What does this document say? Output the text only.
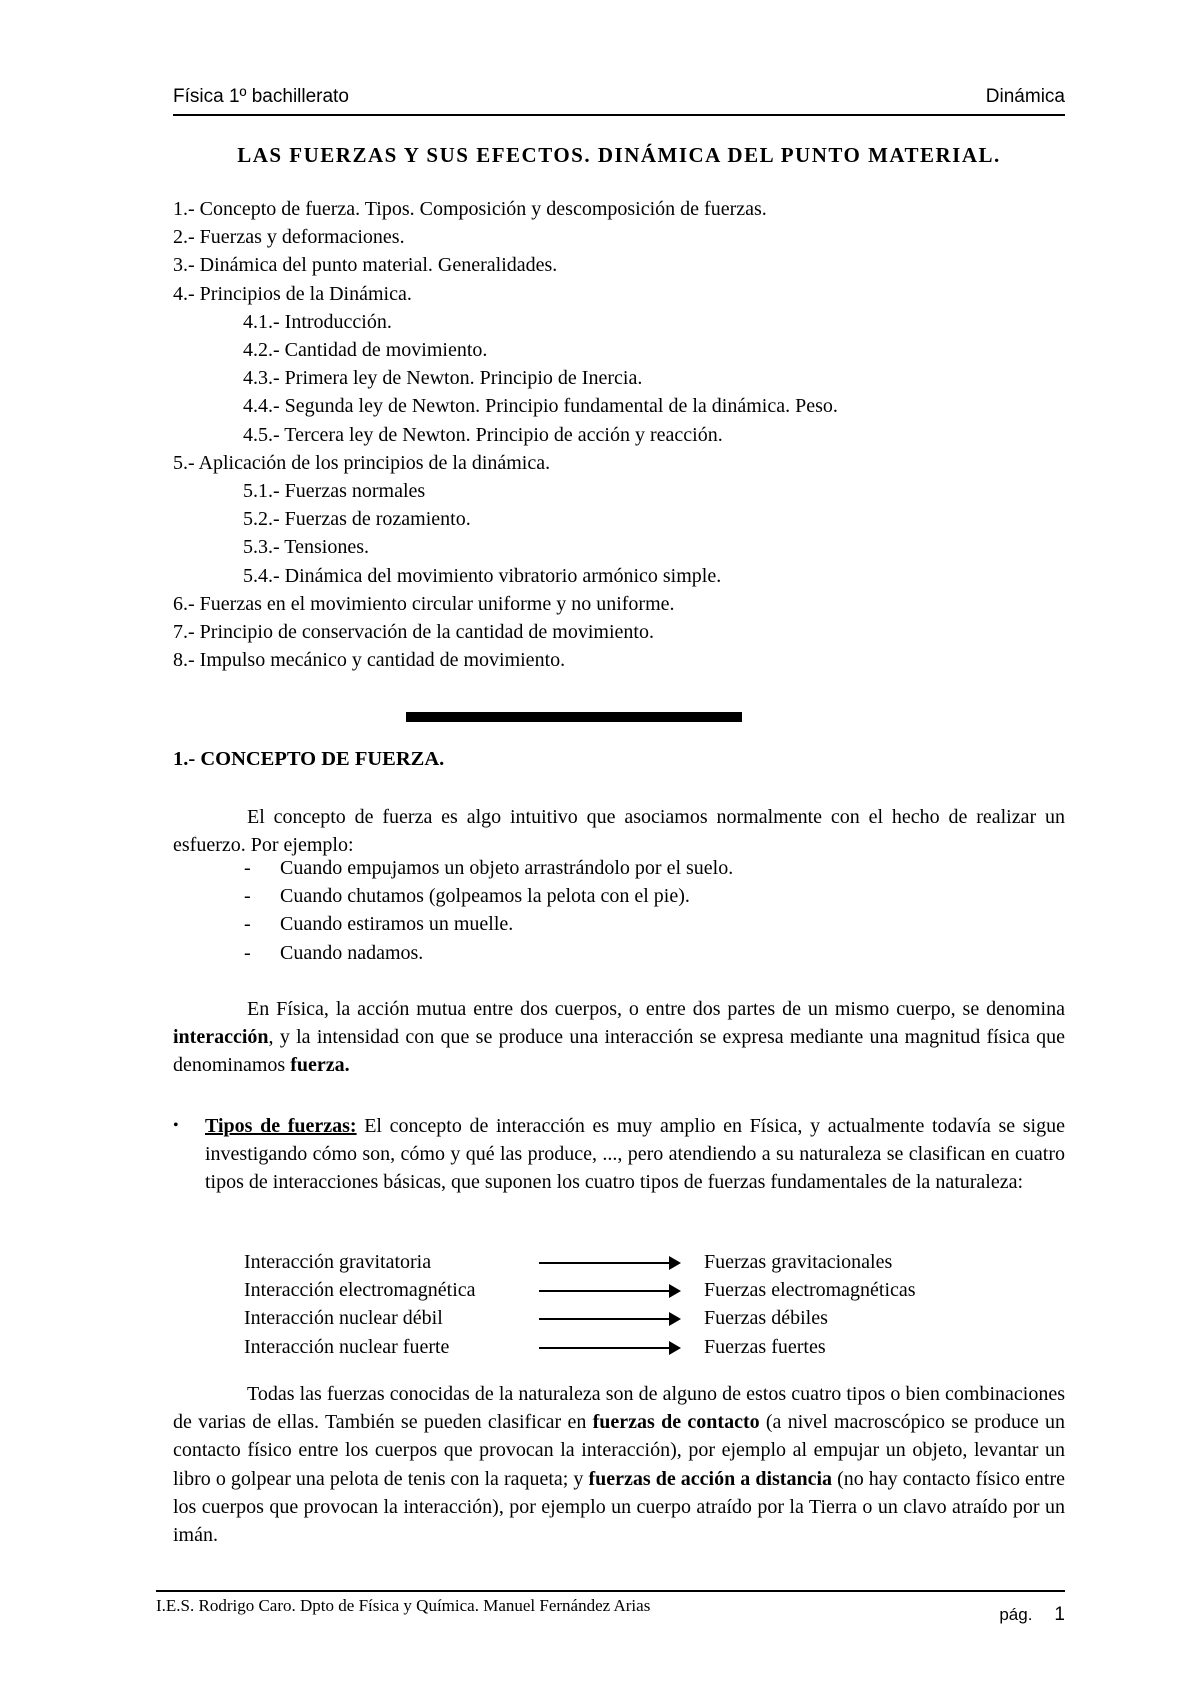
Física 1º bachillerato	Dinámica
LAS FUERZAS Y SUS EFECTOS. DINÁMICA DEL PUNTO MATERIAL.
1.- Concepto de fuerza. Tipos. Composición y descomposición de fuerzas.
2.- Fuerzas y deformaciones.
3.- Dinámica del punto material. Generalidades.
4.- Principios de la Dinámica.
4.1.- Introducción.
4.2.- Cantidad de movimiento.
4.3.- Primera ley de Newton. Principio de Inercia.
4.4.- Segunda ley de Newton. Principio fundamental de la dinámica. Peso.
4.5.- Tercera ley de Newton. Principio de acción y reacción.
5.- Aplicación de los principios de la dinámica.
5.1.- Fuerzas normales
5.2.- Fuerzas de rozamiento.
5.3.- Tensiones.
5.4.- Dinámica del movimiento vibratorio armónico simple.
6.- Fuerzas en el movimiento circular uniforme y no uniforme.
7.- Principio de conservación de la cantidad de movimiento.
8.- Impulso mecánico y cantidad de movimiento.
1.- CONCEPTO DE FUERZA.
El concepto de fuerza es algo intuitivo que asociamos normalmente con el hecho de realizar un esfuerzo. Por ejemplo:
- Cuando empujamos un objeto arrastrándolo por el suelo.
- Cuando chutamos (golpeamos la pelota con el pie).
- Cuando estiramos un muelle.
- Cuando nadamos.
En Física, la acción mutua entre dos cuerpos, o entre dos partes de un mismo cuerpo, se denomina interacción, y la intensidad con que se produce una interacción se expresa mediante una magnitud física que denominamos fuerza.
• Tipos de fuerzas: El concepto de interacción es muy amplio en Física, y actualmente todavía se sigue investigando cómo son, cómo y qué las produce, ..., pero atendiendo a su naturaleza se clasifican en cuatro tipos de interacciones básicas, que suponen los cuatro tipos de fuerzas fundamentales de la naturaleza:
Interacción gravitatoria	Fuerzas gravitacionales
Interacción electromagnética	Fuerzas electromagnéticas
Interacción nuclear débil	Fuerzas débiles
Interacción nuclear fuerte	Fuerzas fuertes
Todas las fuerzas conocidas de la naturaleza son de alguno de estos cuatro tipos o bien combinaciones de varias de ellas. También se pueden clasificar en fuerzas de contacto (a nivel macroscópico se produce un contacto físico entre los cuerpos que provocan la interacción), por ejemplo al empujar un objeto, levantar un libro o golpear una pelota de tenis con la raqueta; y fuerzas de acción a distancia (no hay contacto físico entre los cuerpos que provocan la interacción), por ejemplo un cuerpo atraído por la Tierra o un clavo atraído por un imán.
I.E.S. Rodrigo Caro. Dpto de Física y Química. Manuel Fernández Arias	pág. 1
